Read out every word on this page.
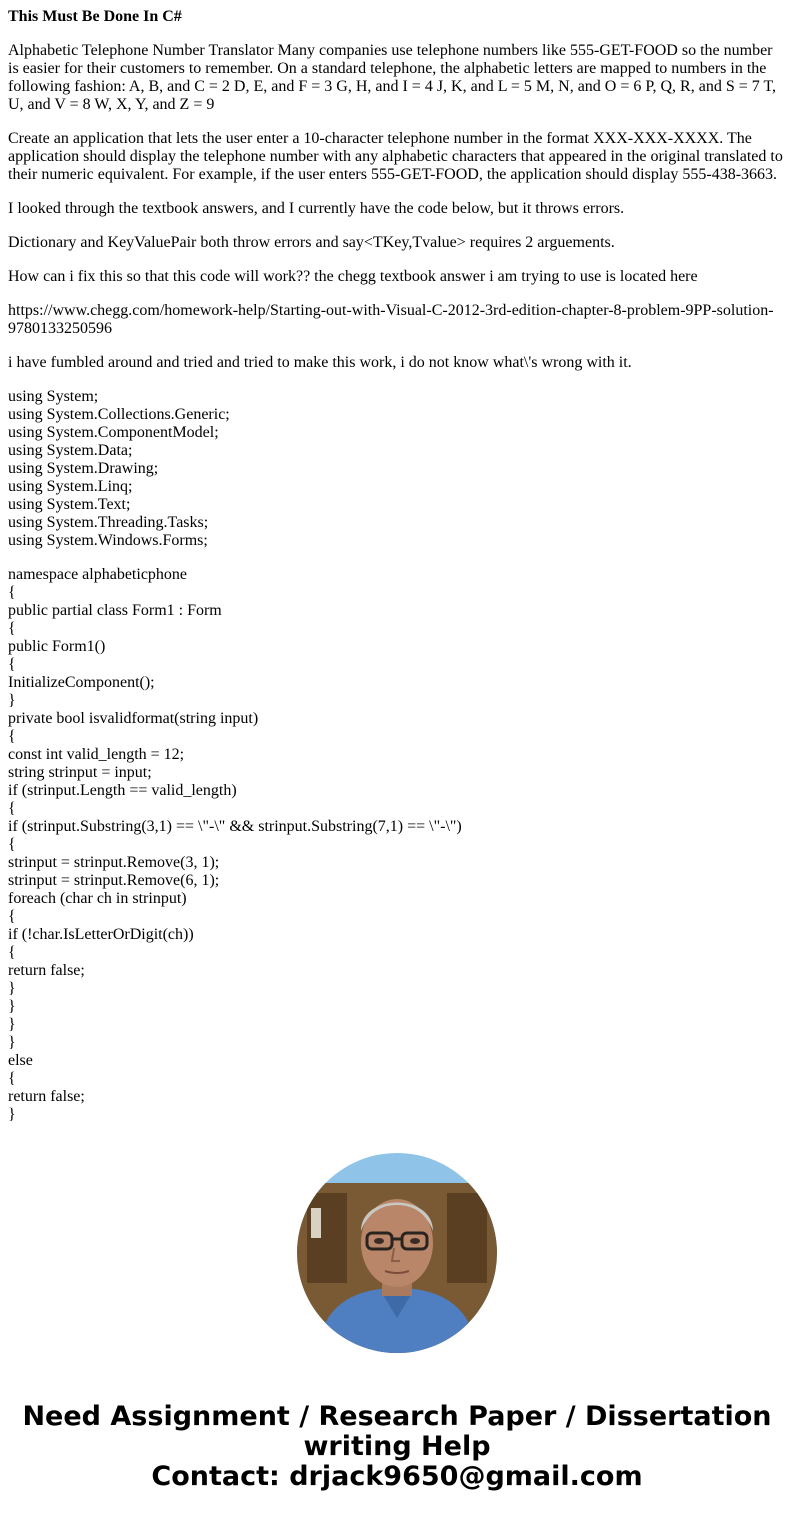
This Must Be Done In C#

Alphabetic Telephone Number Translator Many companies use telephone numbers like 555-GET-FOOD so the number is easier for their customers to remember. On a standard telephone, the alphabetic letters are mapped to numbers in the following fashion: A, B, and C = 2 D, E, and F = 3 G, H, and I = 4 J, K, and L = 5 M, N, and O = 6 P, Q, R, and S = 7 T, U, and V = 8 W, X, Y, and Z = 9

Create an application that lets the user enter a 10-character telephone number in the format XXX-XXX-XXXX. The application should display the telephone number with any alphabetic characters that appeared in the original translated to their numeric equivalent. For example, if the user enters 555-GET-FOOD, the application should display 555-438-3663.

I looked through the textbook answers, and I currently have the code below, but it throws errors.

Dictionary and KeyValuePair both throw errors and say<TKey,Tvalue> requires 2 arguements.

How can i fix this so that this code will work?? the chegg textbook answer i am trying to use is located here

https://www.chegg.com/homework-help/Starting-out-with-Visual-C-2012-3rd-edition-chapter-8-problem-9PP-solution-9780133250596

i have fumbled around and tried and tried to make this work, i do not know what\'s wrong with it.

using System;
using System.Collections.Generic;
using System.ComponentModel;
using System.Data;
using System.Drawing;
using System.Linq;
using System.Text;
using System.Threading.Tasks;
using System.Windows.Forms;
namespace alphabeticphone
{
public partial class Form1 : Form
{
public Form1()
{
InitializeComponent();
}
private bool isvalidformat(string input)
{
const int valid_length = 12;
string strinput = input;
if (strinput.Length == valid_length)
{
if (strinput.Substring(3,1) == \"-\" && strinput.Substring(7,1) == \"-\")
{
strinput = strinput.Remove(3, 1);
strinput = strinput.Remove(6, 1);
foreach (char ch in strinput)
{
if (!char.IsLetterOrDigit(ch))
{
return false;
}
}
}
}
else
{
return false;
}
Need Assignment / Research Paper / Dissertation
writing Help
Contact: drjack9650@gmail.com
